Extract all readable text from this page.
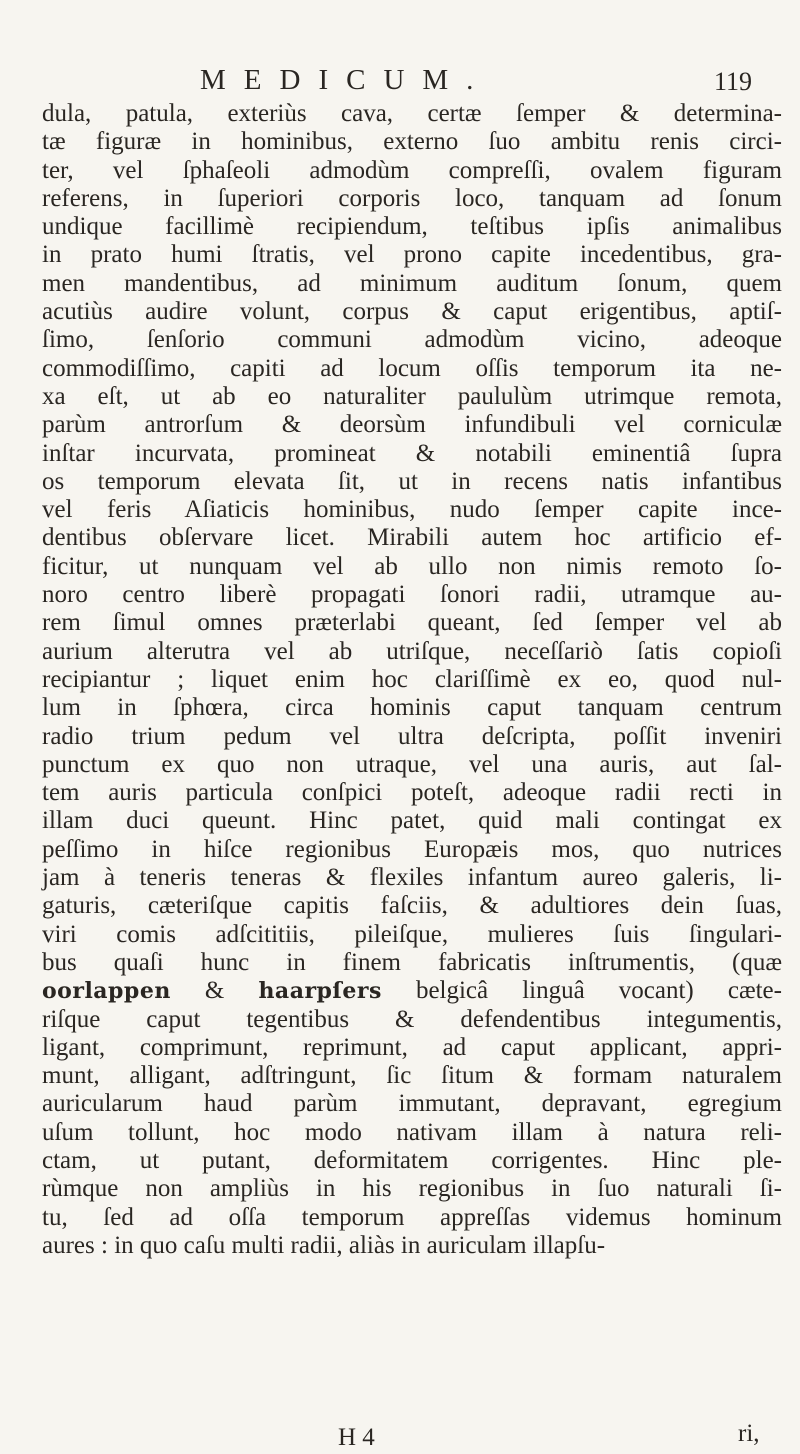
MEDICUM.	119
dula, patula, exteriùs cava, certæ ſemper & determina-
tæ figuræ in hominibus, externo ſuo ambitu renis circi-
ter, vel ſphaſeoli admodùm compreſſi, ovalem figuram
referens, in ſuperiori corporis loco, tanquam ad ſonum
undique facillimè recipiendum, teſtibus ipſis animalibus
in prato humi ſtratis, vel prono capite incedentibus, gra-
men mandentibus, ad minimum auditum ſonum, quem
acutiùs audire volunt, corpus & caput erigentibus, aptiſ-
ſimo, ſenſorio communi admodùm vicino, adeoque
commodiſſimo, capiti ad locum oſſis temporum ita ne-
xa eſt, ut ab eo naturaliter paululùm utrimque remota,
parùm antrorſum & deorsùm infundibuli vel corniculæ
inſtar incurvata, promineat & notabili eminentiâ ſupra
os temporum elevata ſit, ut in recens natis infantibus
vel feris Aſiaticis hominibus, nudo ſemper capite ince-
dentibus obſervare licet. Mirabili autem hoc artificio ef-
ficitur, ut nunquam vel ab ullo non nimis remoto ſo-
noro centro liberè propagati ſonori radii, utramque au-
rem ſimul omnes præterlabi queant, ſed ſemper vel ab
aurium alterutra vel ab utriſque, neceſſariò ſatis copioſi
recipiantur ; liquet enim hoc clariſſimè ex eo, quod nul-
lum in ſphœra, circa hominis caput tanquam centrum
radio trium pedum vel ultra deſcripta, poſſit inveniri
punctum ex quo non utraque, vel una auris, aut ſal-
tem auris particula conſpici poteſt, adeoque radii recti in
illam duci queunt. Hinc patet, quid mali contingat ex
peſſimo in hiſce regionibus Europæis mos, quo nutrices
jam à teneris teneras & flexiles infantum aureo galeris, li-
gaturis, cæteriſque capitis faſciis, & adultiores dein ſuas,
viri comis adſcititiis, pileiſque, mulieres ſuis ſingulari-
bus quaſi hunc in finem fabricatis inſtrumentis, (quæ
oorlappen & haarpſers belgicâ linguâ vocant) cæte-
riſque caput tegentibus & defendentibus integumentis,
ligant, comprimunt, reprimunt, ad caput applicant, appri-
munt, alligant, adſtringunt, ſic ſitum & formam naturalem
auricularum haud parùm immutant, depravant, egregium
uſum tollunt, hoc modo nativam illam à natura reli-
ctam, ut putant, deformitatem corrigentes. Hinc ple-
rùmque non ampliùs in his regionibus in ſuo naturali ſi-
tu, ſed ad oſſa temporum appreſſas videmus hominum
aures : in quo caſu multi radii, aliàs in auriculam illapſu-
H 4	ri,
